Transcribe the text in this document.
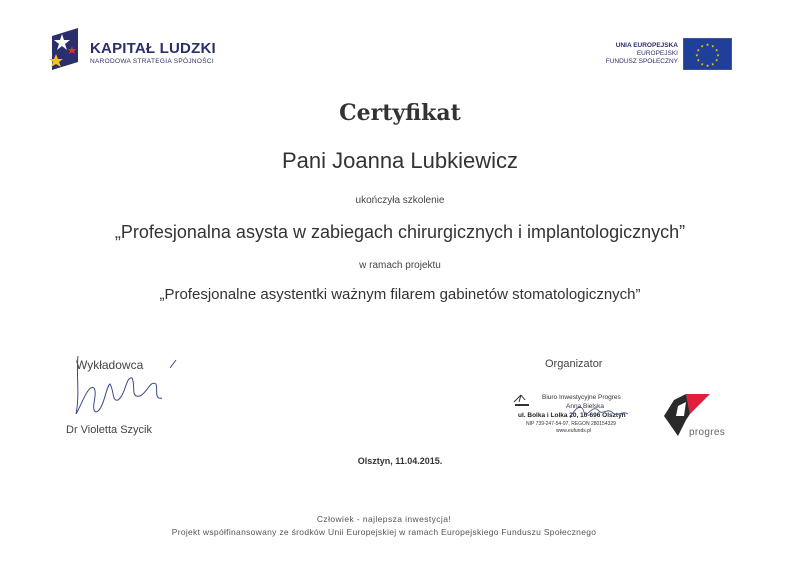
KAPITAŁ LUDZKI
NARODOWA STRATEGIA SPÓJNOŚCI
UNIA EUROPEJSKA
EUROPEJSKI
FUNDUSZ SPOŁECZNY
★ ★
★
★
★
★
★
★
★
★
★
★
Certyfikat
Pani Joanna Lubkiewicz
ukończyła szkolenie
„Profesjonalna asysta w zabiegach chirurgicznych i implantologicznych”
w ramach projektu
„Profesjonalne asystentki ważnym filarem gabinetów stomatologicznych”
Wykładowca
Dr Violetta Szycik
Organizator
Biuro Inwestycyjne Progres
Anna Bielska
ul. Bolka i Lolka 20, 10-696 Olsztyn
NIP 739-247-54-97, REGON 280154329
www.eufunds.pl	progres
Olsztyn, 11.04.2015.
Człowiek - najlepsza inwestycja!
Projekt współfinansowany ze środków Unii Europejskiej w ramach Europejskiego Funduszu Społecznego
